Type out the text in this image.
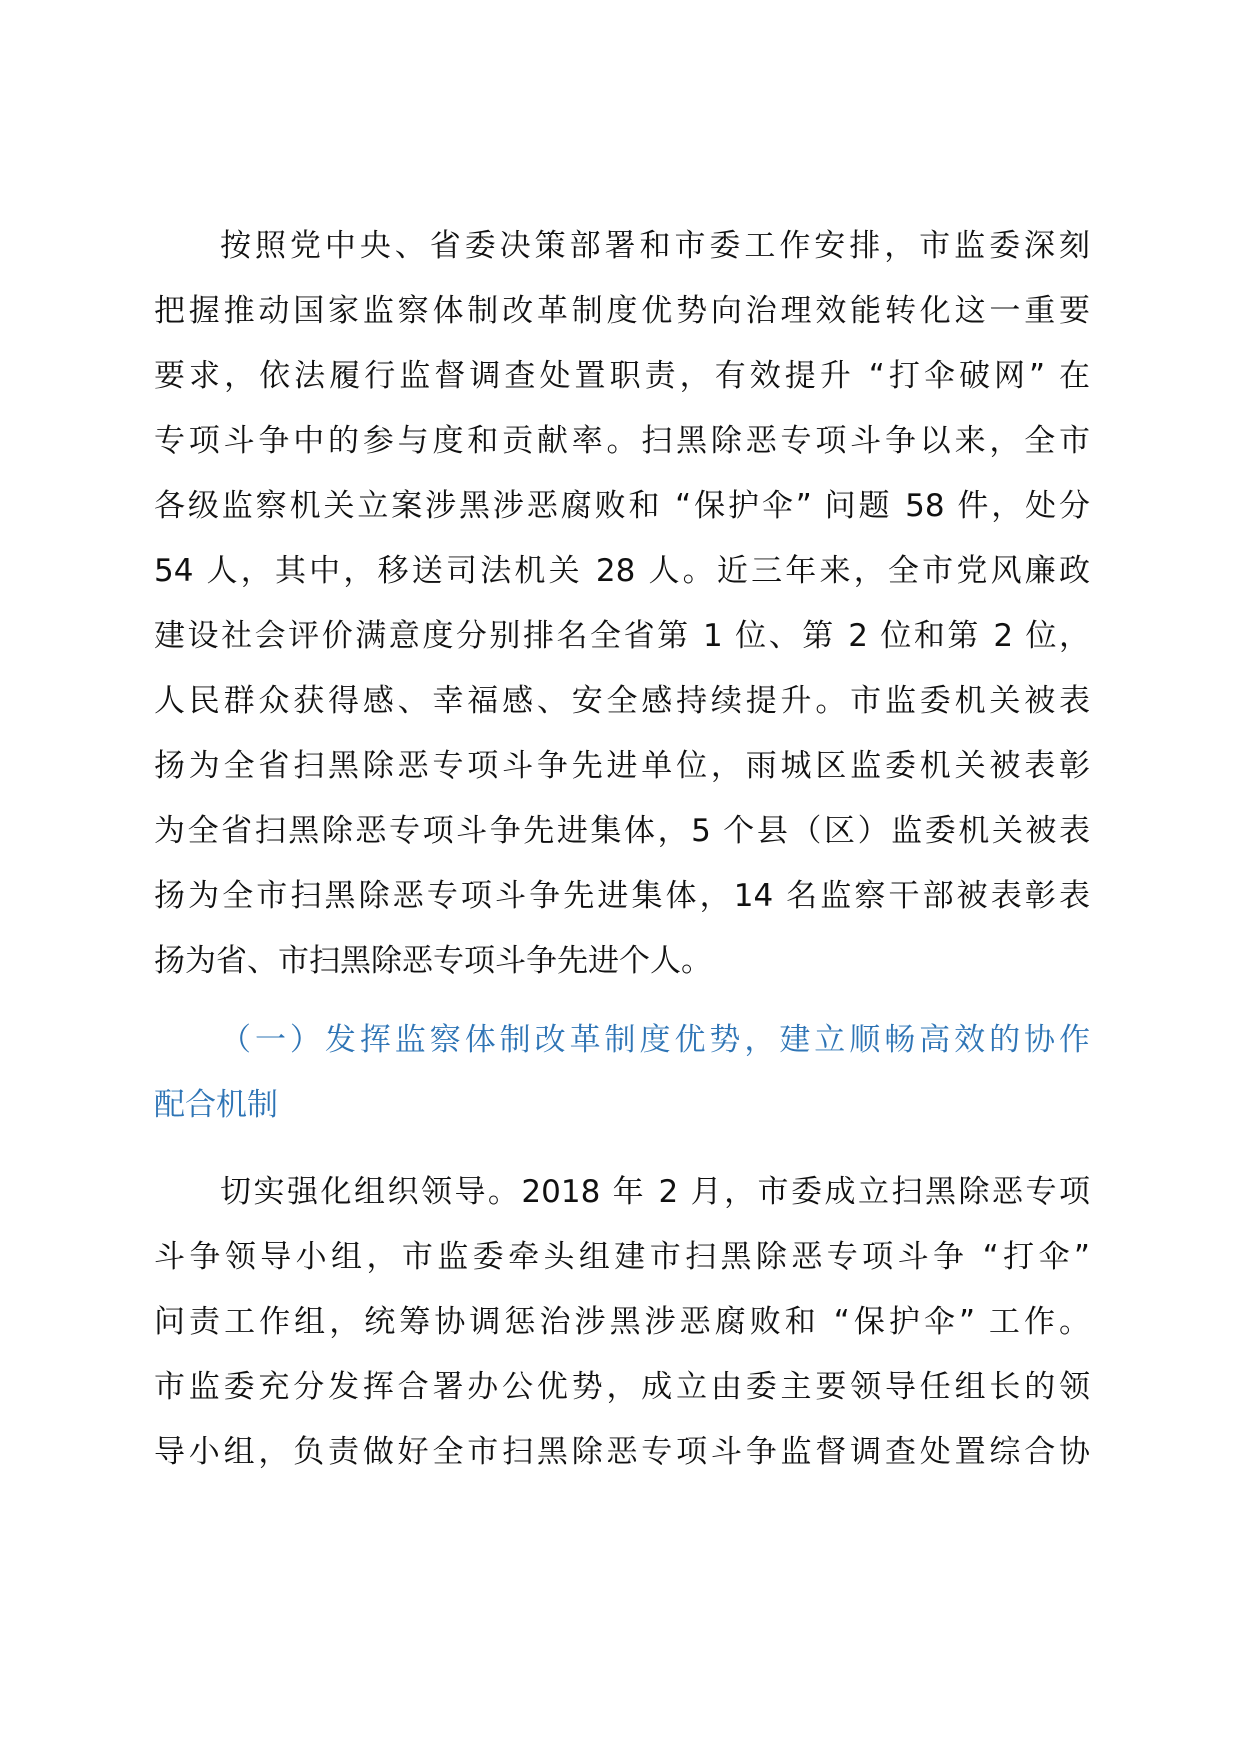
按照党中央、省委决策部署和市委工作安排，市监委深刻
把握推动国家监察体制改革制度优势向治理效能转化这一重要
要求，依法履行监督调查处置职责，有效提升 “打伞破网” 在
专项斗争中的参与度和贡献率。扫黑除恶专项斗争以来，全市
各级监察机关立案涉黑涉恶腐败和 “保护伞” 问题 58 件，处分
54 人，其中，移送司法机关 28 人。近三年来，全市党风廉政
建设社会评价满意度分别排名全省第 1 位、第 2 位和第 2 位，
人民群众获得感、幸福感、安全感持续提升。市监委机关被表
扬为全省扫黑除恶专项斗争先进单位，雨城区监委机关被表彰
为全省扫黑除恶专项斗争先进集体，5 个县（区）监委机关被表
扬为全市扫黑除恶专项斗争先进集体，14 名监察干部被表彰表
扬为省、市扫黑除恶专项斗争先进个人。
（一）发挥监察体制改革制度优势，建立顺畅高效的协作
配合机制
切实强化组织领导。2018 年 2 月，市委成立扫黑除恶专项
斗争领导小组，市监委牵头组建市扫黑除恶专项斗争 “打伞”
问责工作组，统筹协调惩治涉黑涉恶腐败和 “保护伞” 工作。
市监委充分发挥合署办公优势，成立由委主要领导任组长的领
导小组，负责做好全市扫黑除恶专项斗争监督调查处置综合协
